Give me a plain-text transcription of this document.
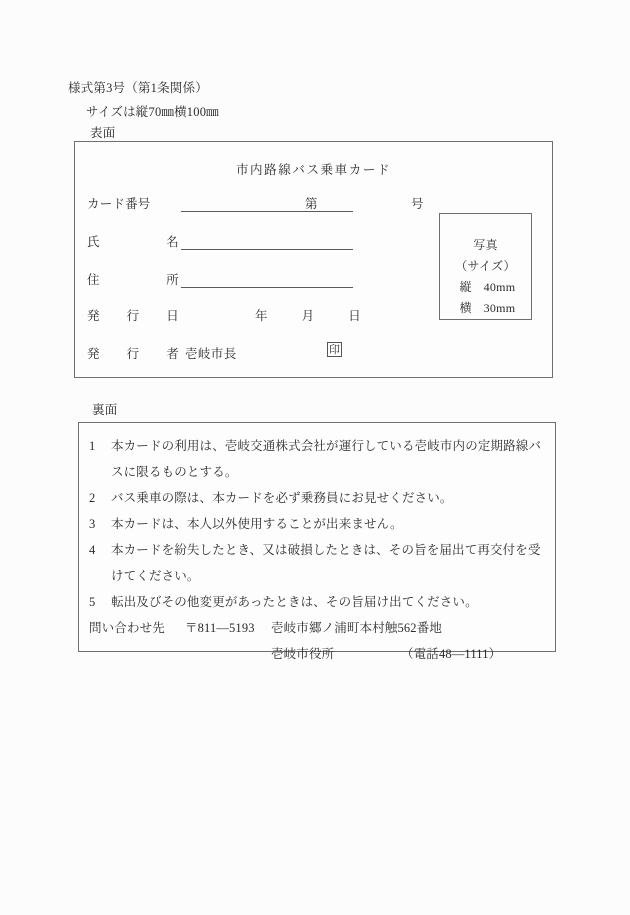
様式第3号（第1条関係）
サイズは縦70㎜横100㎜
表面
市内路線バス乗車カード
カード番号	第	号
氏	名
住	所
発 行 日	年	月	日
発 行 者 壱岐市長	印
写真
（サイズ）
縦 40mm
横 30mm
裏面
1	本カードの利用は、壱岐交通株式会社が運行している壱岐市内の定期路線バスに限るものとする。
2	バス乗車の際は、本カードを必ず乗務員にお見せください。
3	本カードは、本人以外使用することが出来ません。
4	本カードを紛失したとき、又は破損したときは、その旨を届出て再交付を受けてください。
5	転出及びその他変更があったときは、その旨届け出てください。
問い合わせ先	〒811—5193	壱岐市郷ノ浦町本村触562番地
壱岐市役所	（電話48—1111）
